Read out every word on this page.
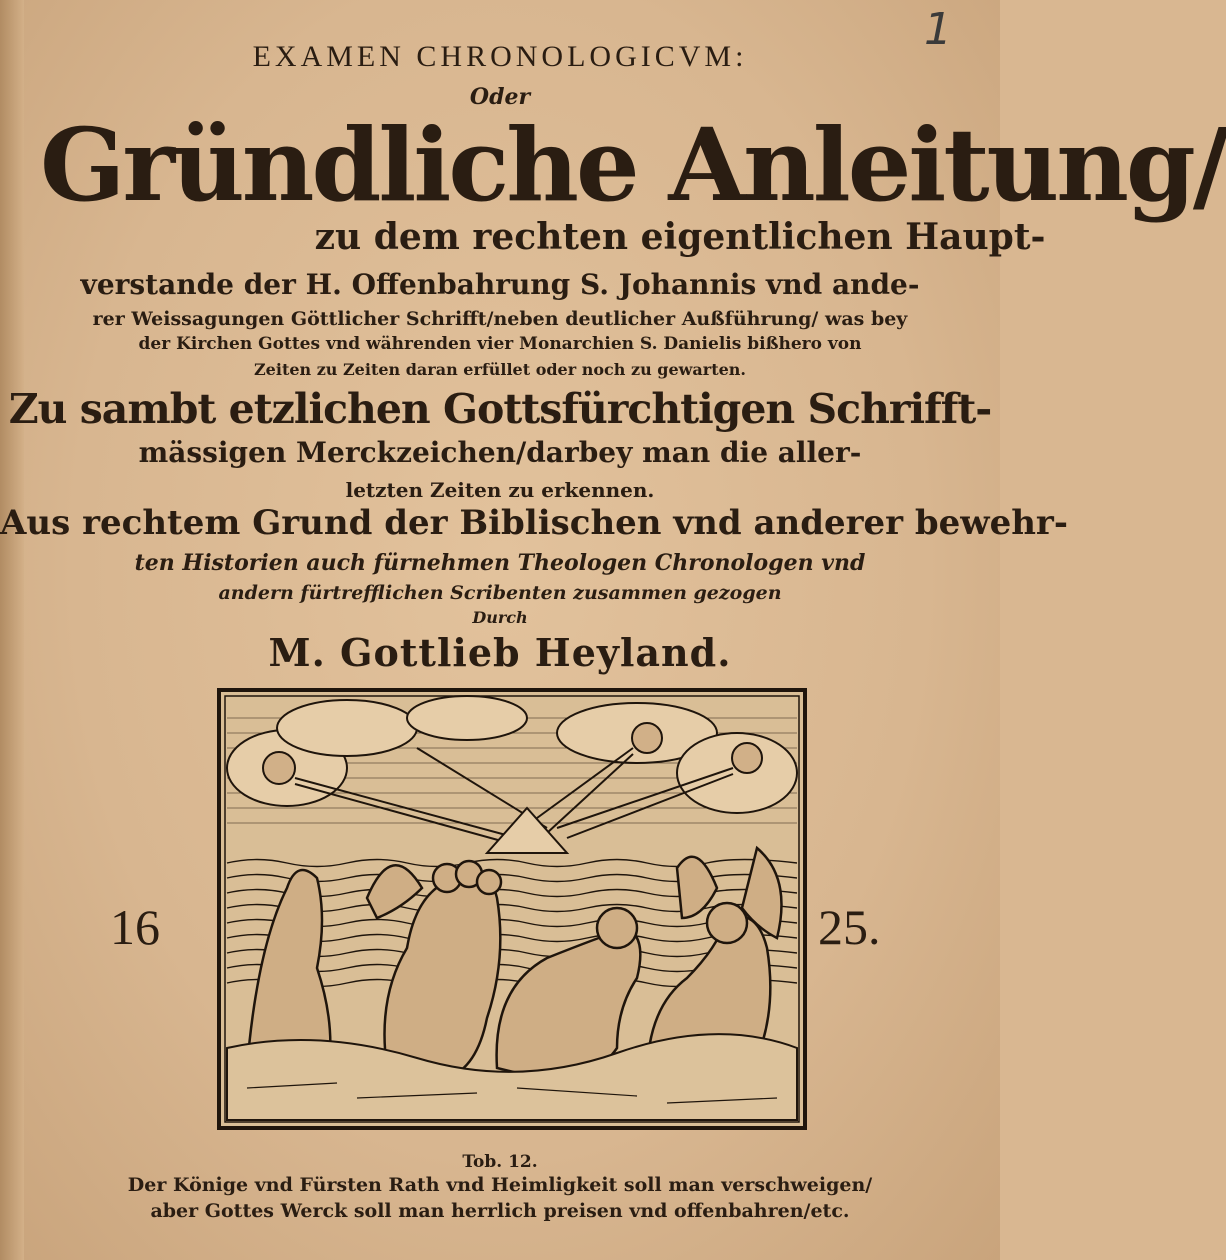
1
EXAMEN CHRONOLOGICVM:
Oder
Gründliche Anleitung/
zu dem rechten eigentlichen Haupt-
verstande der H. Offenbahrung S. Johannis vnd ande-
rer Weissagungen Göttlicher Schrifft/neben deutlicher Außführung/ was bey
der Kirchen Gottes vnd währenden vier Monarchien S. Danielis bißhero von
Zeiten zu Zeiten daran erfüllet oder noch zu gewarten.
Zu sambt etzlichen Gottsfürchtigen Schrifft-
mässigen Merckzeichen/darbey man die aller-
letzten Zeiten zu erkennen.
Aus rechtem Grund der Biblischen vnd anderer bewehr-
ten Historien auch fürnehmen Theologen Chronologen vnd
andern fürtrefflichen Scribenten zusammen gezogen
Durch
M. Gottlieb Heyland.
16	25.
Tob. 12.
Der Könige vnd Fürsten Rath vnd Heimligkeit soll man verschweigen/
aber Gottes Werck soll man herrlich preisen vnd offenbahren/etc.
